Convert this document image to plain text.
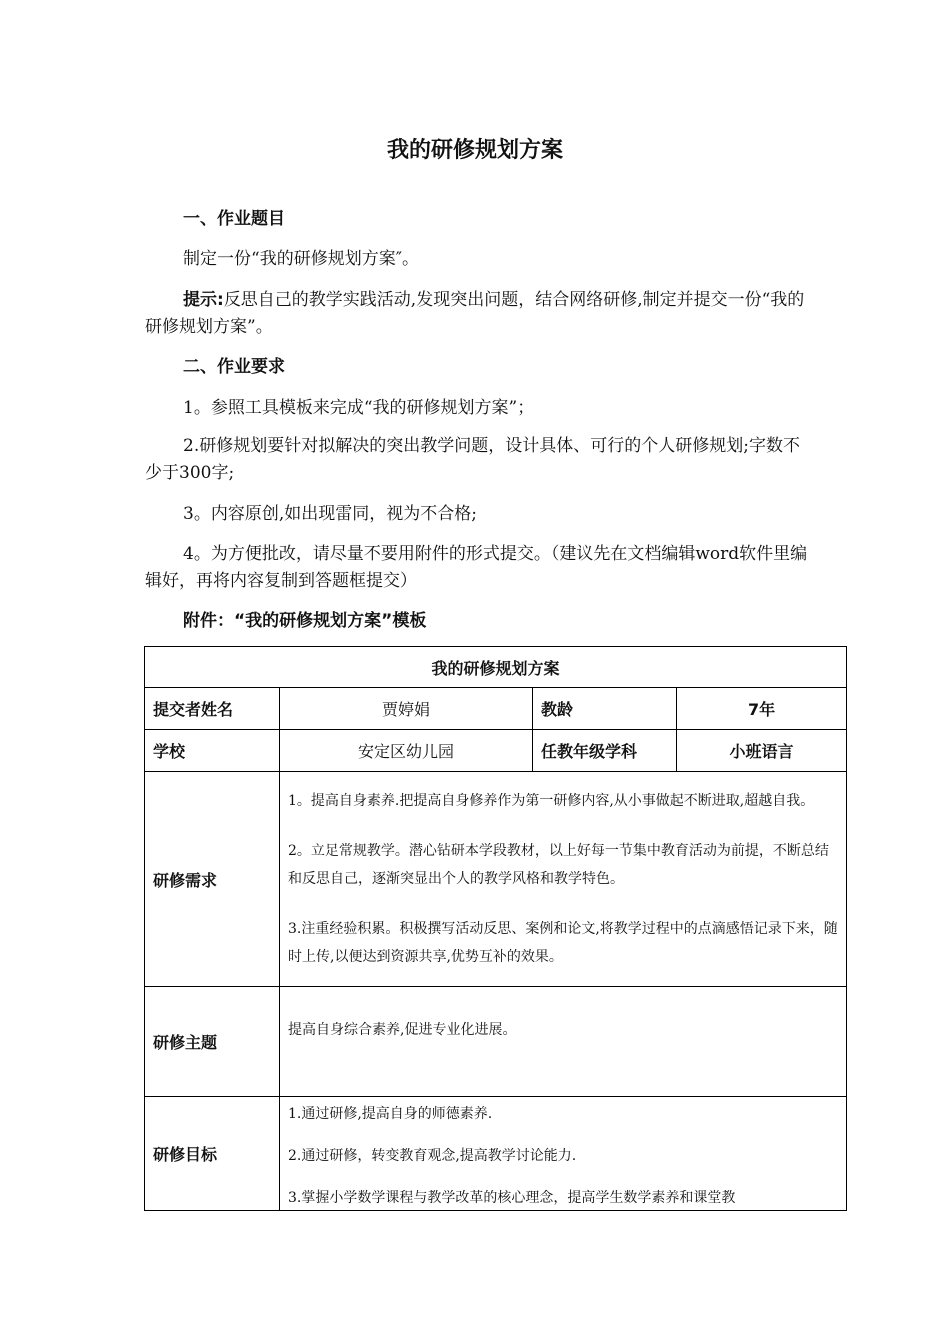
我的研修规划方案
一、作业题目
制定一份“我的研修规划方案″。
提示:反思自己的教学实践活动,发现突出问题，结合网络研修,制定并提交一份“我的研修规划方案”。
二、作业要求
1。参照工具模板来完成“我的研修规划方案”；
2.研修规划要针对拟解决的突出教学问题，设计具体、可行的个人研修规划;字数不少于300字;
3。内容原创,如出现雷同，视为不合格;
4。为方便批改，请尽量不要用附件的形式提交。（建议先在文档编辑word软件里编辑好，再将内容复制到答题框提交）
附件：“我的研修规划方案”模板
我的研修规划方案			
提交者姓名	贾婷娟	教龄	7年
学校	安定区幼儿园	任教年级学科	小班语言
研修需求	1。提高自身素养.把提高自身修养作为第一研修内容,从小事做起不断进取,超越自我。

2。立足常规教学。潜心钻研本学段教材，以上好每一节集中教育活动为前提，不断总结和反思自己，逐渐突显出个人的教学风格和教学特色。

3.注重经验积累。积极撰写活动反思、案例和论文,将教学过程中的点滴感悟记录下来，随时上传,以便达到资源共享,优势互补的效果。		

研修主题	提高自身综合素养,促进专业化进展。		

研修目标	1.通过研修,提高自身的师德素养.

2.通过研修，转变教育观念,提高教学讨论能力.

3.掌握小学数学课程与教学改革的核心理念，提高学生数学素养和课堂教		
